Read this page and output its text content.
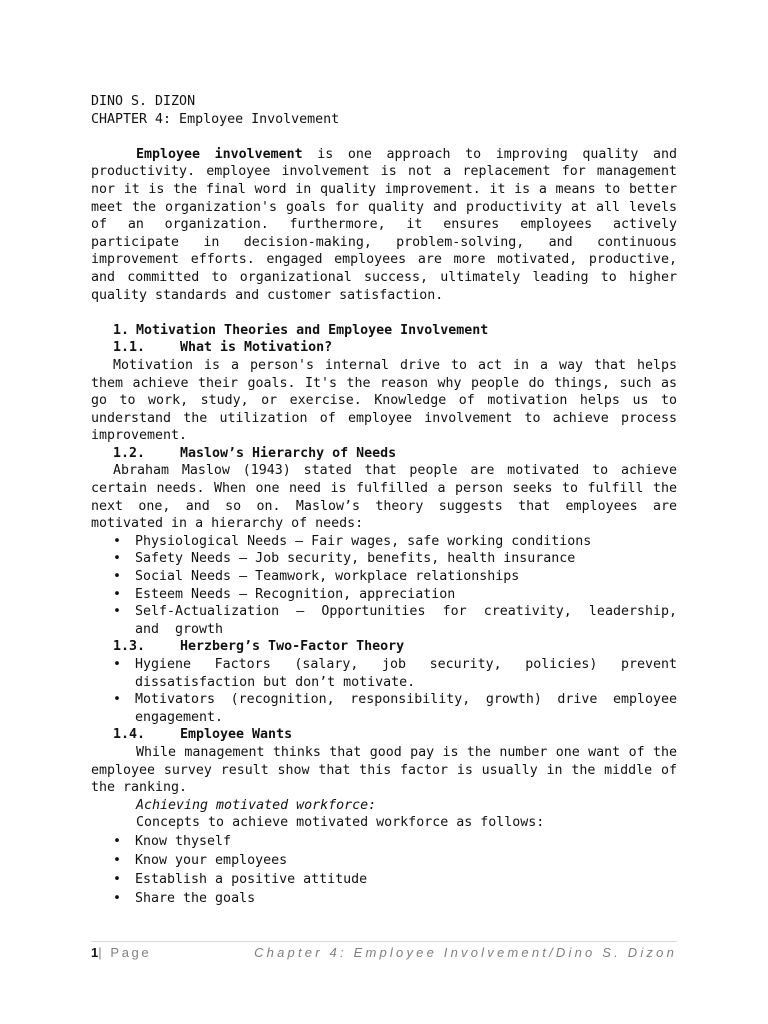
DINO S. DIZON

CHAPTER 4: Employee Involvement

Employee involvement is one approach to improving quality and productivity. employee involvement is not a replacement for management nor it is the final word in quality improvement. it is a means to better meet the organization's goals for quality and productivity at all levels of an organization. furthermore, it ensures employees actively participate in decision-making, problem-solving, and continuous improvement efforts. engaged employees are more motivated, productive, and committed to organizational success, ultimately leading to higher quality standards and customer satisfaction.

1. Motivation Theories and Employee Involvement
1.1.	What is Motivation?

Motivation is a person's internal drive to act in a way that helps them achieve their goals. It's the reason why people do things, such as go to work, study, or exercise. Knowledge of motivation helps us to understand the utilization of employee involvement to achieve process improvement.

1.2.	Maslow’s Hierarchy of Needs

Abraham Maslow (1943) stated that people are motivated to achieve certain needs. When one need is fulfilled a person seeks to fulfill the next one, and so on. Maslow’s theory suggests that employees are motivated in a hierarchy of needs:

•	Physiological Needs – Fair wages, safe working conditions
•	Safety Needs – Job security, benefits, health insurance
•	Social Needs – Teamwork, workplace relationships
•	Esteem Needs – Recognition, appreciation
•	Self-Actualization – Opportunities for creativity, leadership, and growth
1.3.	Herzberg’s Two-Factor Theory
•	Hygiene Factors (salary, job security, policies) prevent dissatisfaction but don’t motivate.
•	Motivators (recognition, responsibility, growth) drive employee engagement.
1.4.	Employee Wants

While management thinks that good pay is the number one want of the employee survey result show that this factor is usually in the middle of the ranking.

Achieving motivated workforce:

Concepts to achieve motivated workforce as follows:

•	Know thyself
•	Know your employees
•	Establish a positive attitude
•	Share the goals
1| Page	Chapter 4: Employee Involvement/Dino S. Dizon
